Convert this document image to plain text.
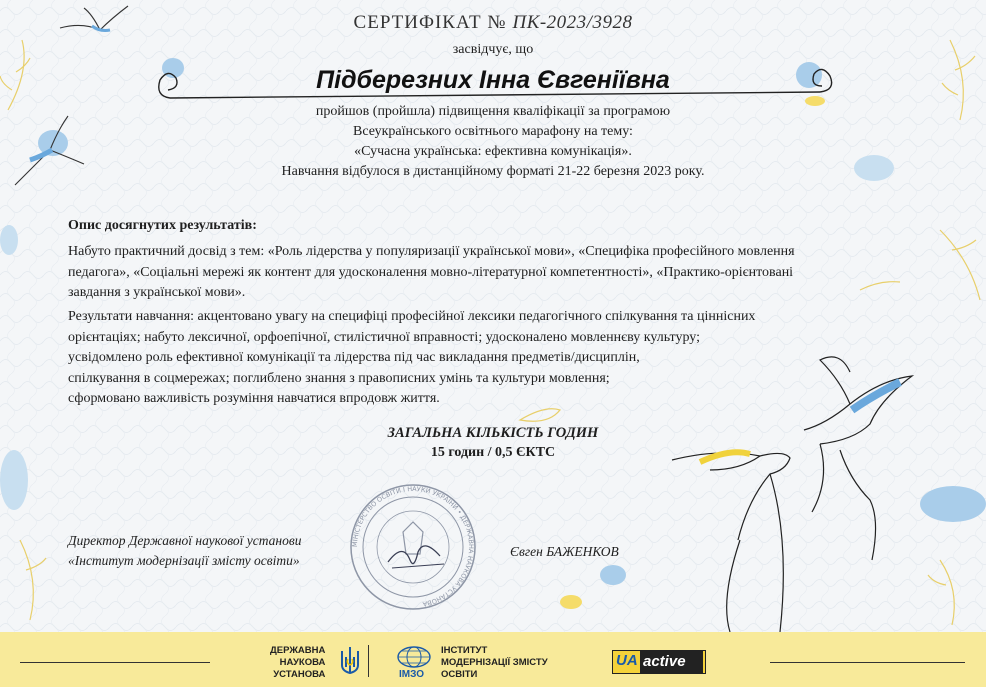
СЕРТИФІКАТ № ПК-2023/3928
засвідчує, що
Підберезних Інна Євгеніївна
пройшов (пройшла) підвищення кваліфікації за програмою
Всеукраїнського освітнього марафону на тему:
«Сучасна українська: ефективна комунікація».
Навчання відбулося в дистанційному форматі 21-22 березня 2023 року.
Опис досягнутих результатів:
Набуто практичний досвід з тем: «Роль лідерства у популяризації української мови», «Специфіка професійного мовлення
педагога», «Соціальні мережі як контент для удосконалення мовно-літературної компетентності», «Практико-орієнтовані
завдання з української мови».
Результати навчання: акцентовано увагу на специфіці професійної лексики педагогічного спілкування та ціннісних
орієнтаціях; набуто лексичної, орфоепічної, стилістичної вправності; удосконалено мовленнєву культуру;
усвідомлено роль ефективної комунікації та лідерства під час викладання предметів/дисциплін,
спілкування в соцмережах; поглиблено знання з правописних умінь та культури мовлення;
сформовано важливість розуміння навчатися впродовж життя.
ЗАГАЛЬНА КІЛЬКІСТЬ ГОДИН
15 годин / 0,5 ЄКТС
Директор Державної наукової установи
«Інститут модернізації змісту освіти»
МІНІСТЕРСТВО ОСВІТИ І НАУКИ УКРАЇНИ • ДЕРЖАВНА НАУКОВА УСТАНОВА
Євген БАЖЕНКОВ
ДЕРЖАВНА
НАУКОВА
УСТАНОВА	ІМЗО
ІНСТИТУТ
МОДЕРНІЗАЦІЇ ЗМІСТУ
ОСВІТИ
UA active
